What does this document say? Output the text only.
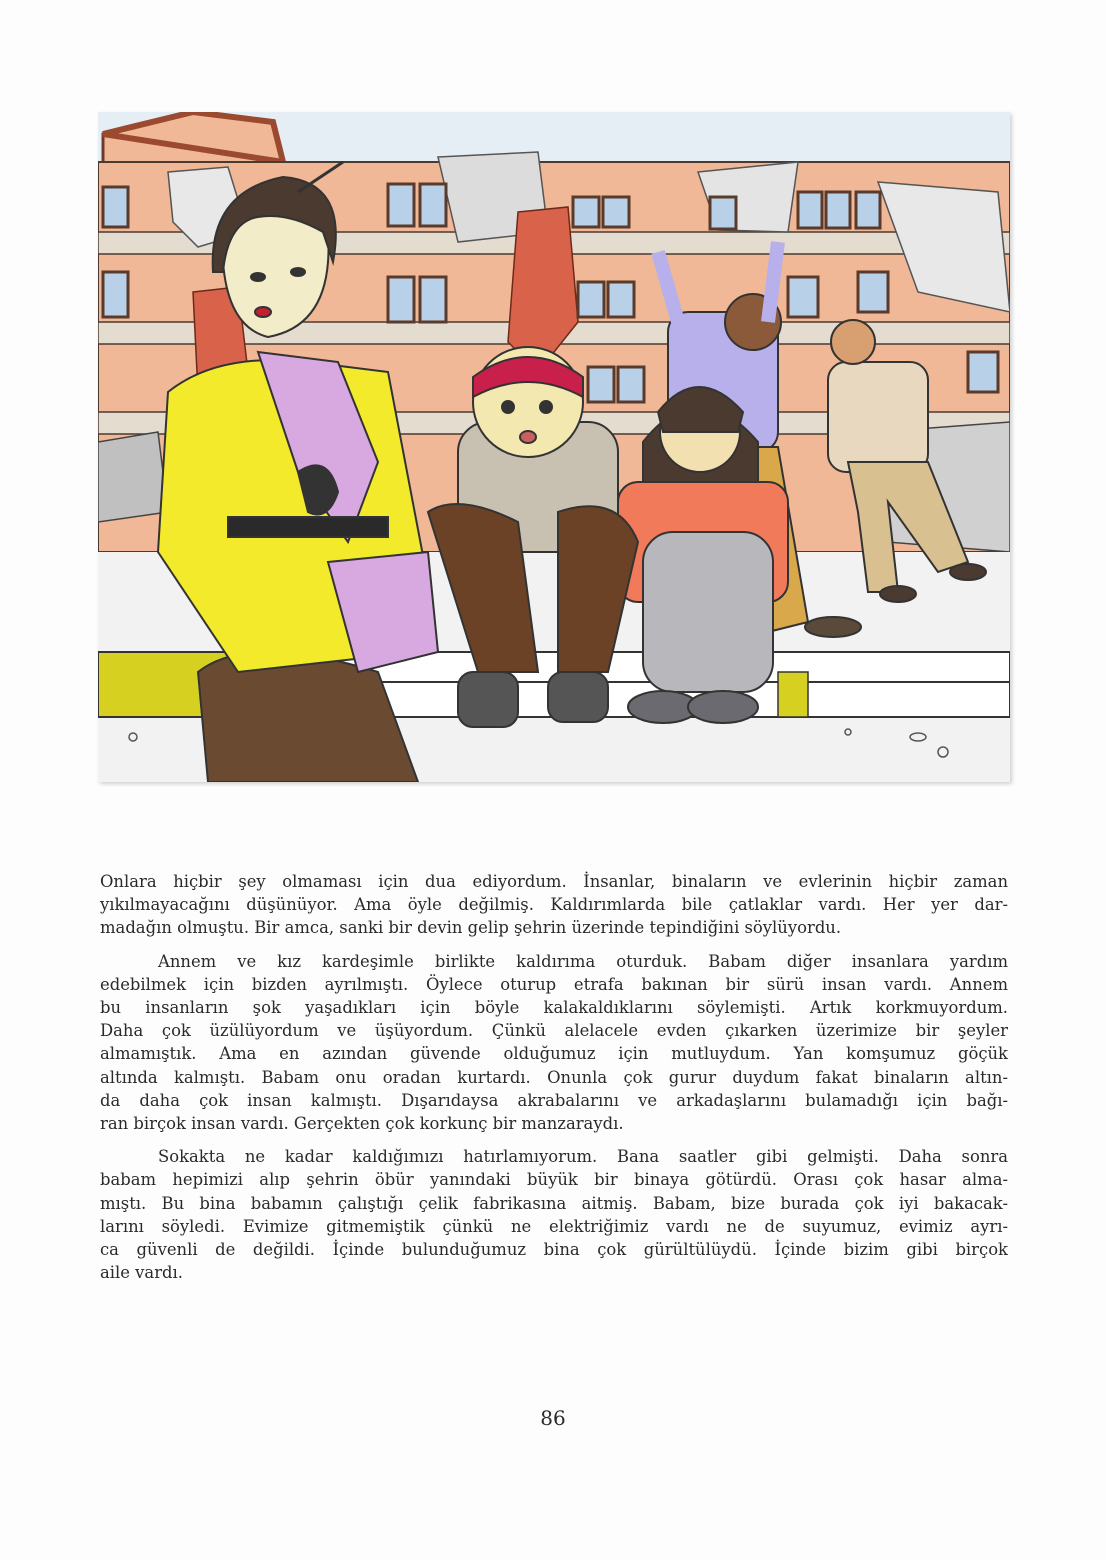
Onlara hiçbir şey olmaması için dua ediyordum. İnsanlar, binaların ve evlerinin hiçbir zaman
yıkılmayacağını düşünüyor. Ama öyle değilmiş. Kaldırımlarda bile çatlaklar vardı. Her yer dar-
madağın olmuştu. Bir amca, sanki bir devin gelip şehrin üzerinde tepindiğini söylüyordu.

Annem ve kız kardeşimle birlikte kaldırıma oturduk. Babam diğer insanlara yardım
edebilmek için bizden ayrılmıştı. Öylece oturup etrafa bakınan bir sürü insan vardı. Annem
bu insanların şok yaşadıkları için böyle kalakaldıklarını söylemişti. Artık korkmuyordum.
Daha çok üzülüyordum ve üşüyordum. Çünkü alelacele evden çıkarken üzerimize bir şeyler
almamıştık. Ama en azından güvende olduğumuz için mutluydum. Yan komşumuz göçük
altında kalmıştı. Babam onu oradan kurtardı. Onunla çok gurur duydum fakat binaların altın-
da daha çok insan kalmıştı. Dışarıdaysa akrabalarını ve arkadaşlarını bulamadığı için bağı-
ran birçok insan vardı. Gerçekten çok korkunç bir manzaraydı.

Sokakta ne kadar kaldığımızı hatırlamıyorum. Bana saatler gibi gelmişti. Daha sonra
babam hepimizi alıp şehrin öbür yanındaki büyük bir binaya götürdü. Orası çok hasar alma-
mıştı. Bu bina babamın çalıştığı çelik fabrikasına aitmiş. Babam, bize burada çok iyi bakacak-
larını söyledi. Evimize gitmemiştik çünkü ne elektriğimiz vardı ne de suyumuz, evimiz ayrı-
ca güvenli de değildi. İçinde bulunduğumuz bina çok gürültülüydü. İçinde bizim gibi birçok
aile vardı.

86
